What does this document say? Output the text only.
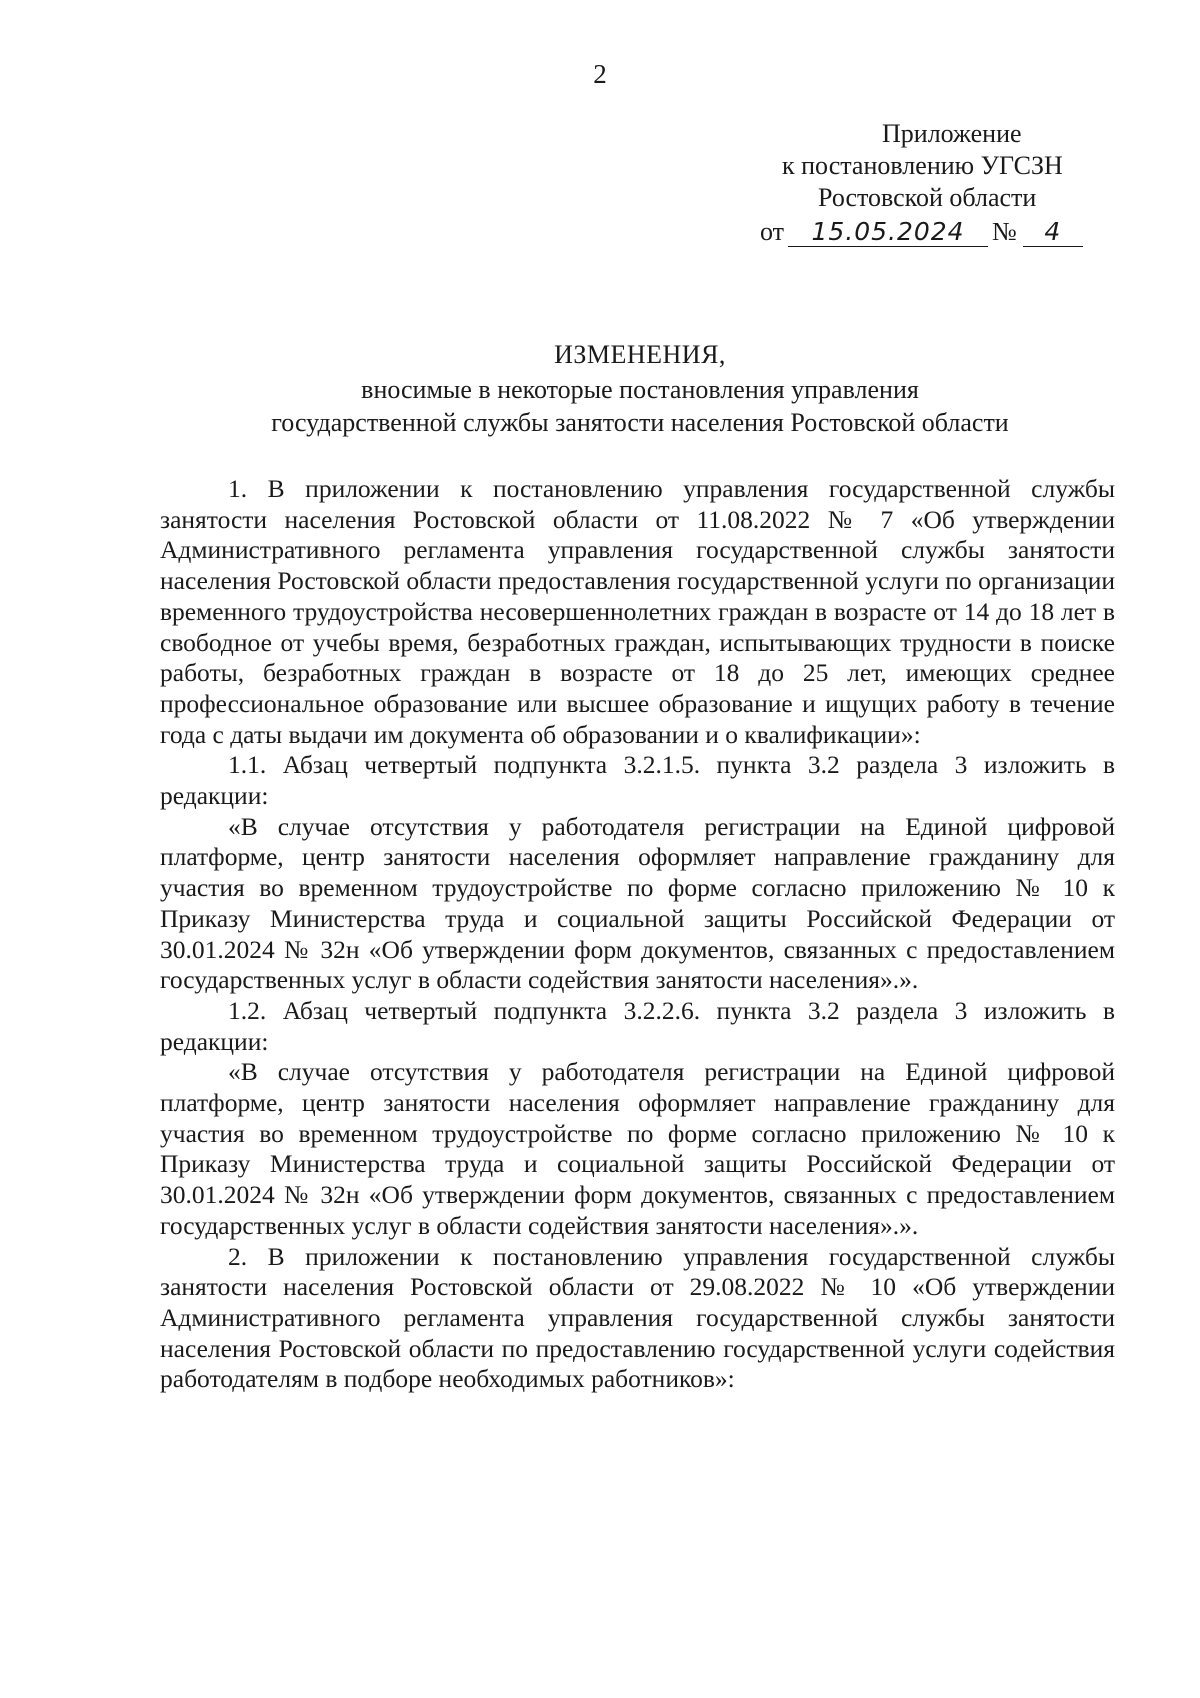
2
Приложение
к постановлению УГСЗН
Ростовской области
от 15.05.2024 № 4
ИЗМЕНЕНИЯ,
вносимые в некоторые постановления управления
государственной службы занятости населения Ростовской области

1. В приложении к постановлению управления государственной службы занятости населения Ростовской области от 11.08.2022 № 7 «Об утверждении Административного регламента управления государственной службы занятости населения Ростовской области предоставления государственной услуги по организации временного трудоустройства несовершеннолетних граждан в возрасте от 14 до 18 лет в свободное от учебы время, безработных граждан, испытывающих трудности в поиске работы, безработных граждан в возрасте от 18 до 25 лет, имеющих среднее профессиональное образование или высшее образование и ищущих работу в течение года с даты выдачи им документа об образовании и о квалификации»:

1.1. Абзац четвертый подпункта 3.2.1.5. пункта 3.2 раздела 3 изложить в редакции:

«В случае отсутствия у работодателя регистрации на Единой цифровой платформе, центр занятости населения оформляет направление гражданину для участия во временном трудоустройстве по форме согласно приложению № 10 к Приказу Министерства труда и социальной защиты Российской Федерации от 30.01.2024 № 32н «Об утверждении форм документов, связанных с предоставлением государственных услуг в области содействия занятости населения».».

1.2. Абзац четвертый подпункта 3.2.2.6. пункта 3.2 раздела 3 изложить в редакции:

«В случае отсутствия у работодателя регистрации на Единой цифровой платформе, центр занятости населения оформляет направление гражданину для участия во временном трудоустройстве по форме согласно приложению № 10 к Приказу Министерства труда и социальной защиты Российской Федерации от 30.01.2024 № 32н «Об утверждении форм документов, связанных с предоставлением государственных услуг в области содействия занятости населения».».

2. В приложении к постановлению управления государственной службы занятости населения Ростовской области от 29.08.2022 № 10 «Об утверждении Административного регламента управления государственной службы занятости населения Ростовской области по предоставлению государственной услуги содействия работодателям в подборе необходимых работников»:
